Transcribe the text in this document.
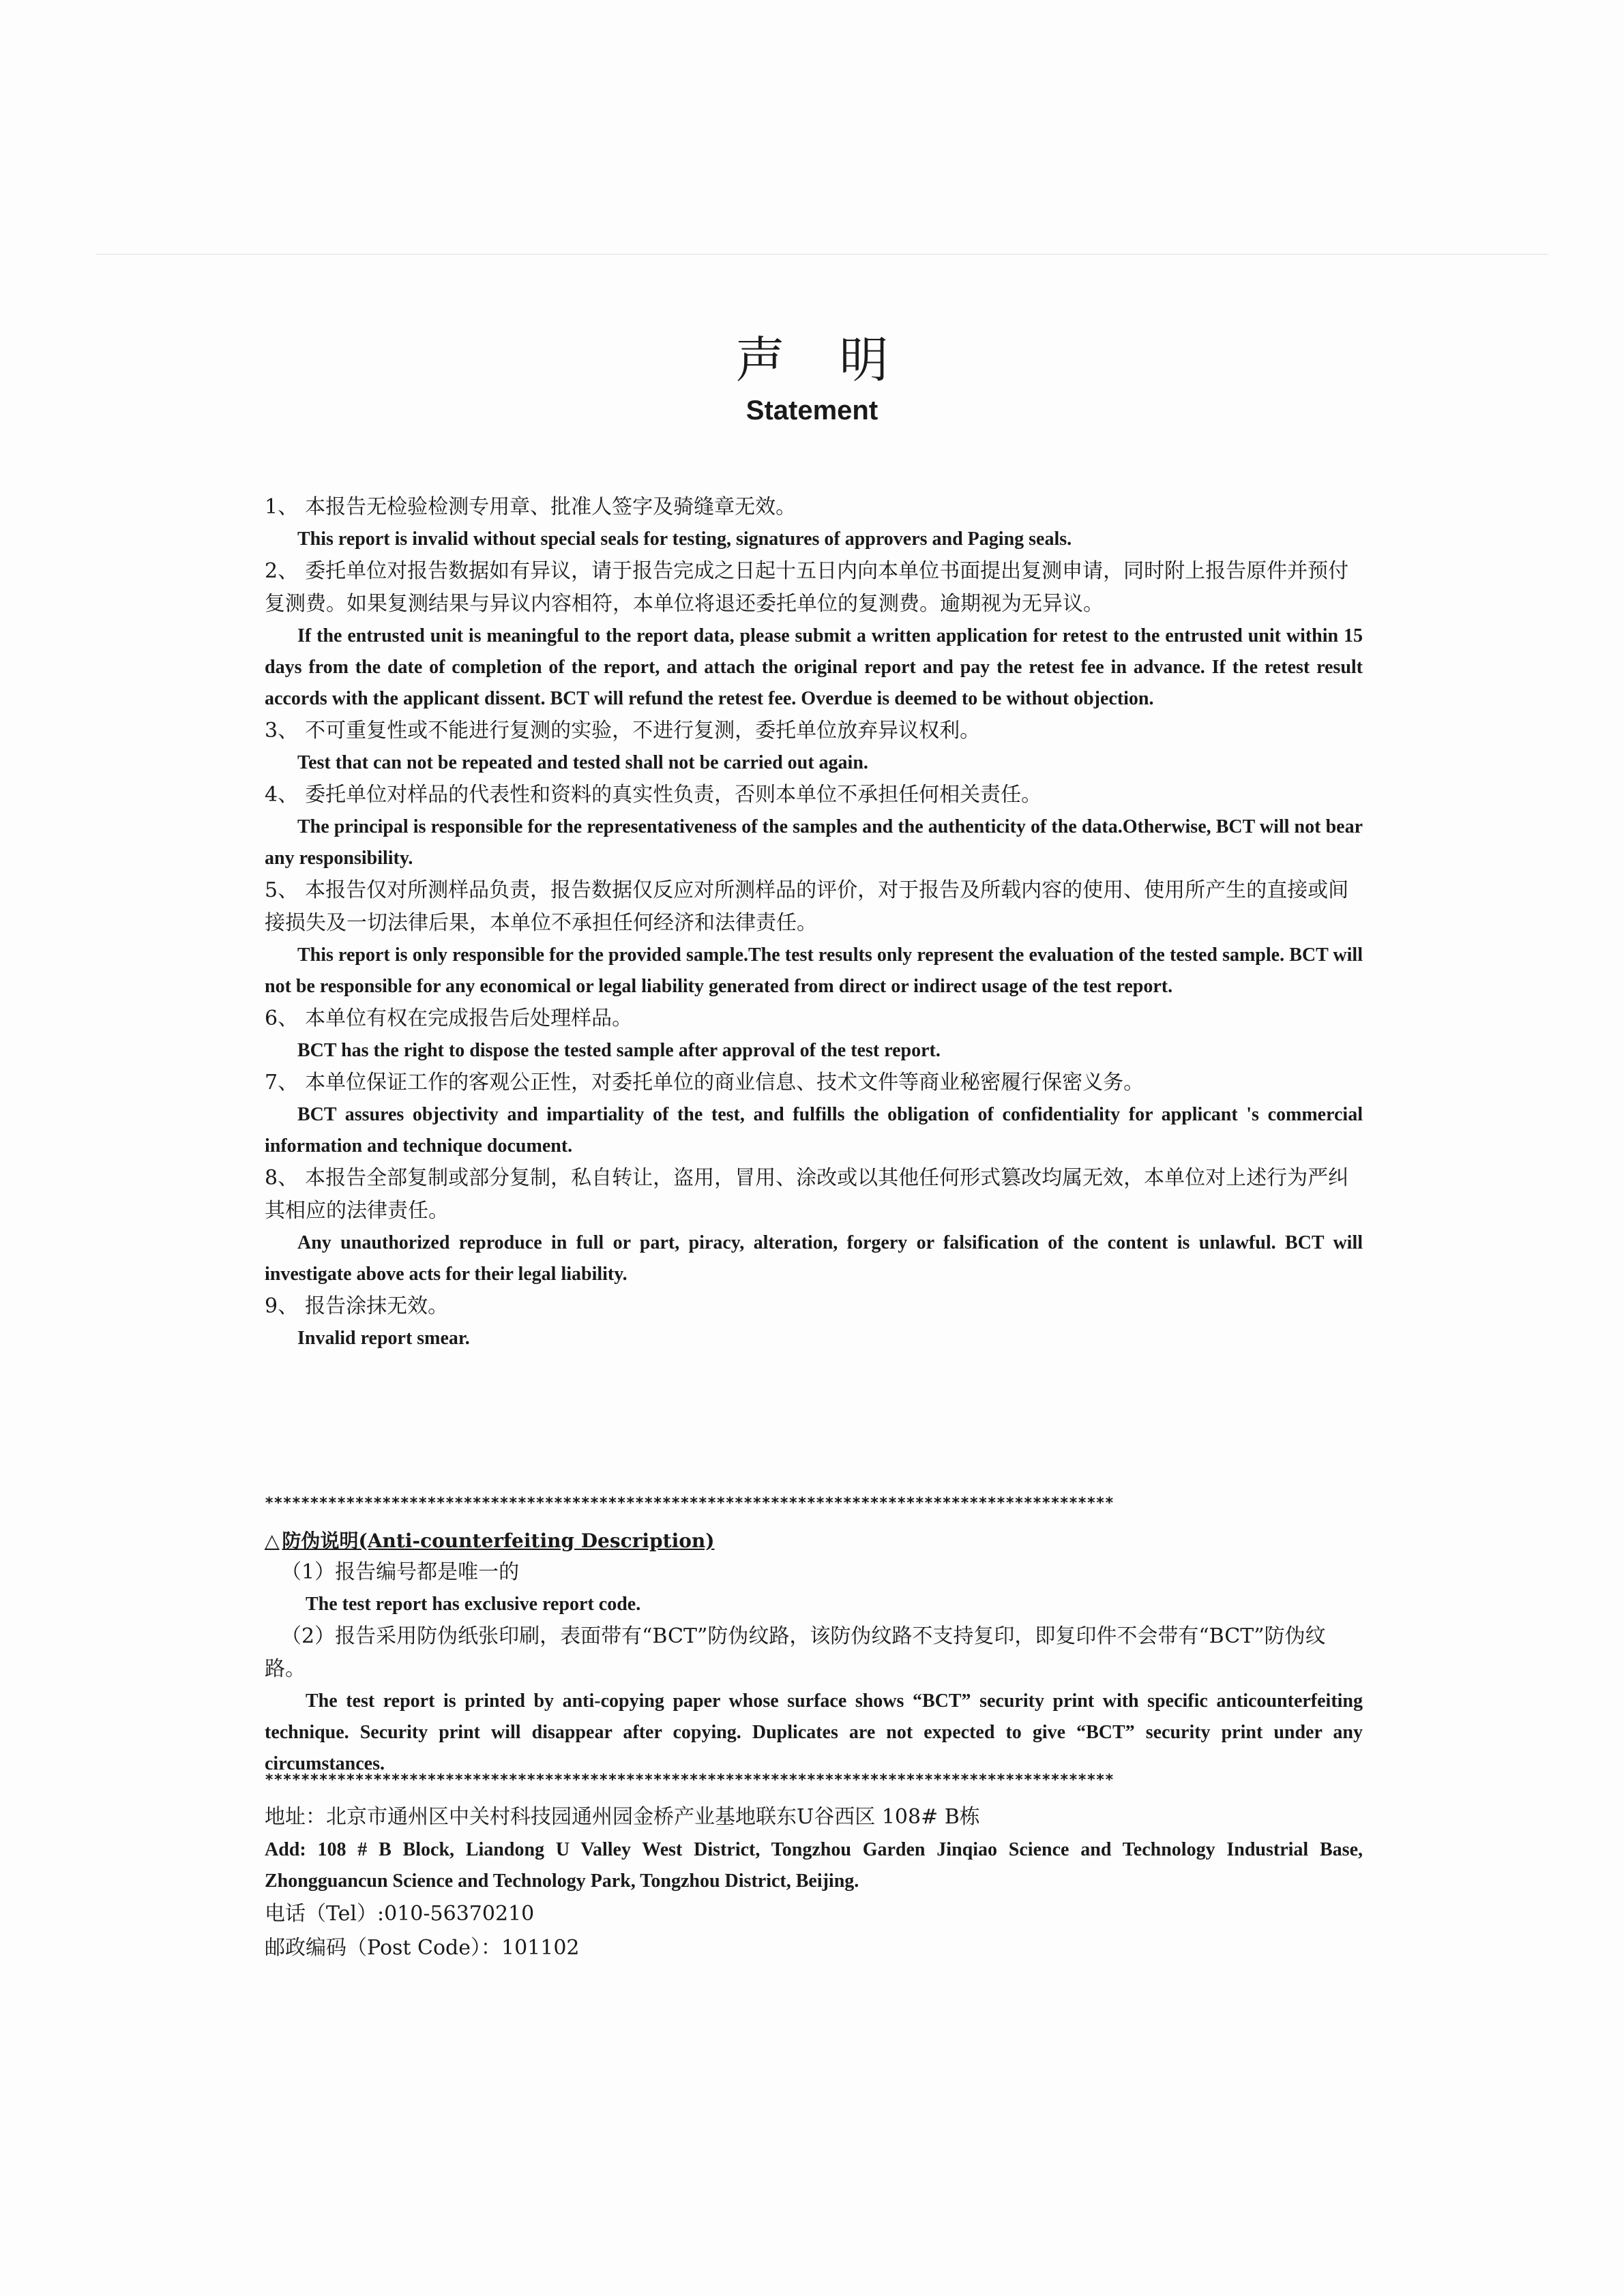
声明
Statement

1、 本报告无检验检测专用章、批准人签字及骑缝章无效。

This report is invalid without special seals for testing, signatures of approvers and Paging seals.

2、 委托单位对报告数据如有异议，请于报告完成之日起十五日内向本单位书面提出复测申请，同时附上报告原件并预付复测费。如果复测结果与异议内容相符，本单位将退还委托单位的复测费。逾期视为无异议。

If the entrusted unit is meaningful to the report data, please submit a written application for retest to the entrusted unit within 15 days from the date of completion of the report, and attach the original report and pay the retest fee in advance. If the retest result accords with the applicant dissent. BCT will refund the retest fee. Overdue is deemed to be without objection.

3、 不可重复性或不能进行复测的实验，不进行复测，委托单位放弃异议权利。

Test that can not be repeated and tested shall not be carried out again.

4、 委托单位对样品的代表性和资料的真实性负责，否则本单位不承担任何相关责任。

The principal is responsible for the representativeness of the samples and the authenticity of the data.Otherwise, BCT will not bear any responsibility.

5、 本报告仅对所测样品负责，报告数据仅反应对所测样品的评价，对于报告及所载内容的使用、使用所产生的直接或间接损失及一切法律后果，本单位不承担任何经济和法律责任。

This report is only responsible for the provided sample.The test results only represent the evaluation of the tested sample. BCT will not be responsible for any economical or legal liability generated from direct or indirect usage of the test report.

6、 本单位有权在完成报告后处理样品。

BCT has the right to dispose the tested sample after approval of the test report.

7、 本单位保证工作的客观公正性，对委托单位的商业信息、技术文件等商业秘密履行保密义务。

BCT assures objectivity and impartiality of the test, and fulfills the obligation of confidentiality for applicant 's commercial information and technique document.

8、 本报告全部复制或部分复制，私自转让，盗用，冒用、涂改或以其他任何形式篡改均属无效，本单位对上述行为严纠其相应的法律责任。

Any unauthorized reproduce in full or part, piracy, alteration, forgery or falsification of the content is unlawful. BCT will investigate above acts for their legal liability.

9、 报告涂抹无效。

Invalid report smear.

**********************************************************************************************

△ 防伪说明(Anti-counterfeiting Description)

（1）报告编号都是唯一的

The test report has exclusive report code.

（2）报告采用防伪纸张印刷，表面带有“BCT”防伪纹路，该防伪纹路不支持复印，即复印件不会带有“BCT”防伪纹路。

The test report is printed by anti-copying paper whose surface shows “BCT” security print with specific anticounterfeiting technique. Security print will disappear after copying. Duplicates are not expected to give “BCT” security print under any circumstances.

**********************************************************************************************

地址：北京市通州区中关村科技园通州园金桥产业基地联东U谷西区 108# B栋

Add: 108 # B Block, Liandong U Valley West District, Tongzhou Garden Jinqiao Science and Technology Industrial Base, Zhongguancun Science and Technology Park, Tongzhou District, Beijing.

电话（Tel）:010-56370210

邮政编码（Post Code）：101102
